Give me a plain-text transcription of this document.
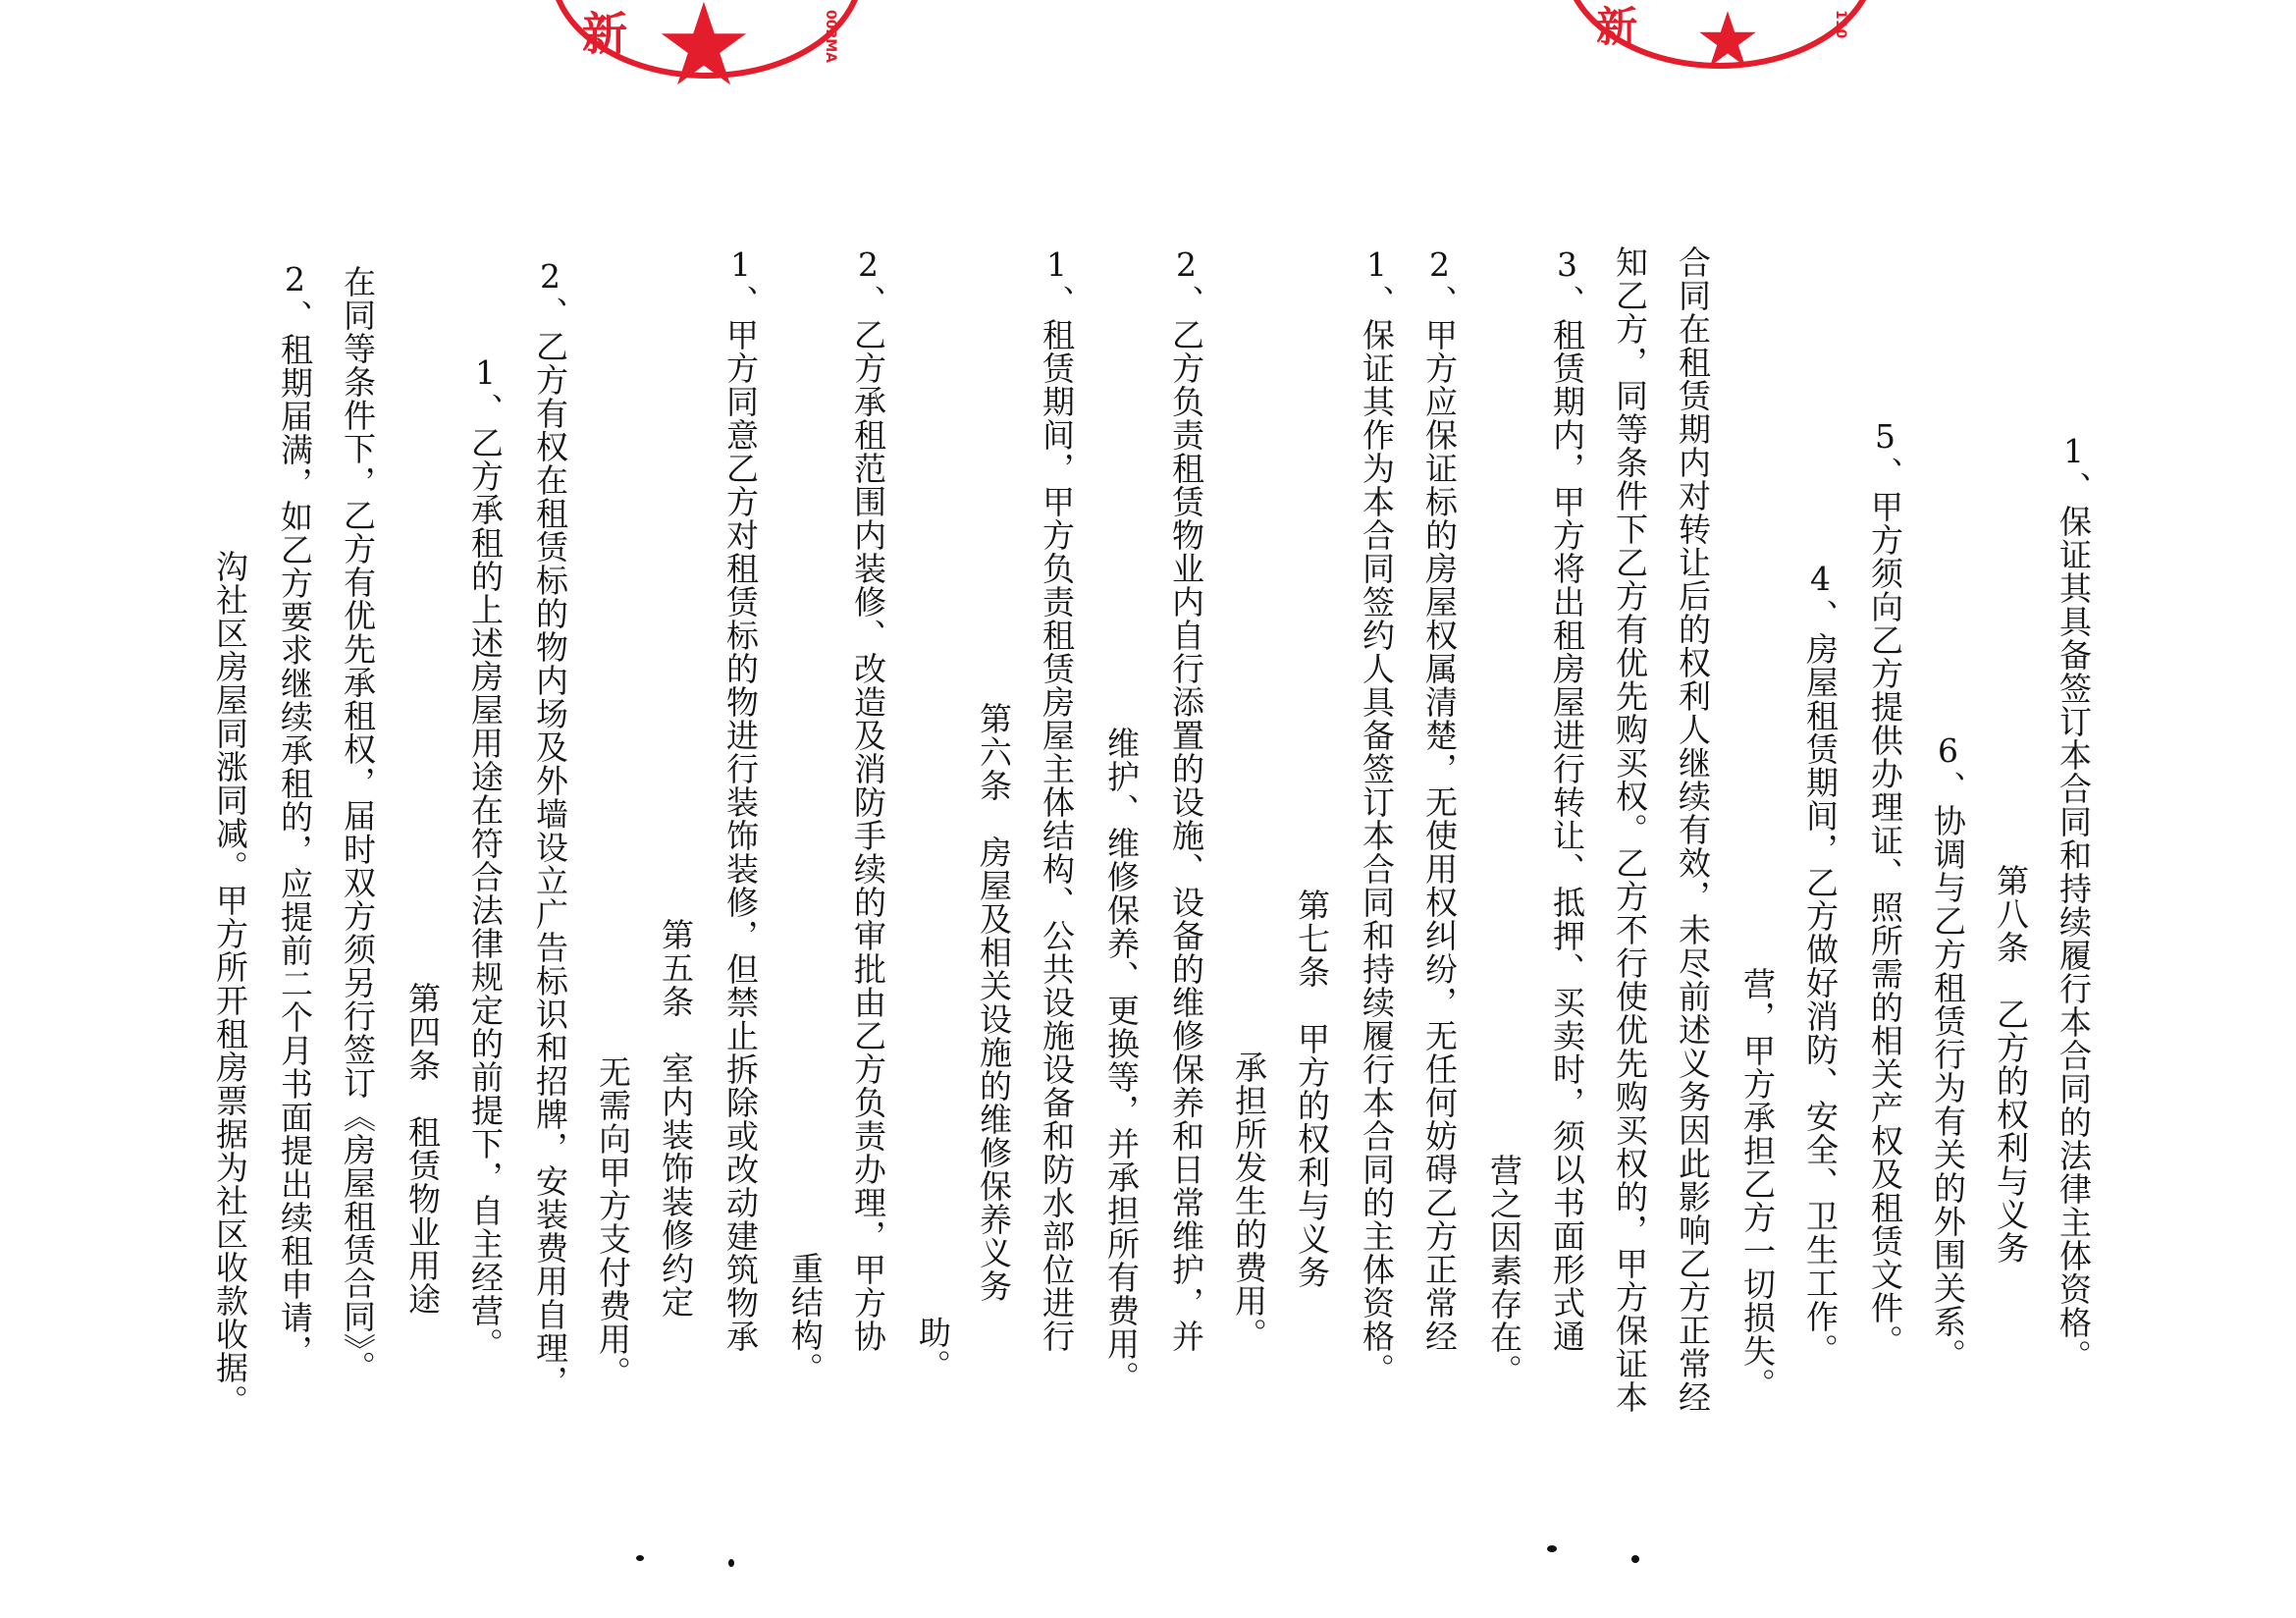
沟社区房屋同涨同减。甲方所开租房票据为社区收款收据。 2、租期届满，如乙方要求继续承租的，应提前二个月书面提出续租申请， 在同等条件下，乙方有优先承租权，届时双方须另行签订《房屋租赁合同》。 第四条　租赁物业用途 1、乙方承租的上述房屋用途在符合法律规定的前提下，自主经营。 2、乙方有权在租赁标的物内场及外墙设立广告标识和招牌，安装费用自理， 无需向甲方支付费用。 第五条　室内装饰装修约定 1、甲方同意乙方对租赁标的物进行装饰装修，但禁止拆除或改动建筑物承 重结构。 2、乙方承租范围内装修、改造及消防手续的审批由乙方负责办理，甲方协 助。
第六条　房屋及相关设施的维修保养义务 1、租赁期间，甲方负责租赁房屋主体结构、公共设施设备和防水部位进行 维护、维修保养、更换等，并承担所有费用。 2、乙方负责租赁物业内自行添置的设施、设备的维修保养和日常维护，并 承担所发生的费用。 第七条　甲方的权利与义务 1、保证其作为本合同签约人具备签订本合同和持续履行本合同的主体资格。 2、甲方应保证标的房屋权属清楚，无使用权纠纷，无任何妨碍乙方正常经 营之因素存在。 3、租赁期内，甲方将出租房屋进行转让、抵押、买卖时，须以书面形式通 知乙方，同等条件下乙方有优先购买权。乙方不行使优先购买权的，甲方保证本 合同在租赁期内对转让后的权利人继续有效，未尽前述义务因此影响乙方正常经 营，甲方承担乙方一切损失。 4、房屋租赁期间，乙方做好消防、安全、卫生工作。 5、甲方须向乙方提供办理证、照所需的相关产权及租赁文件。 6、协调与乙方租赁行为有关的外围关系。 第八条　乙方的权利与义务 1、保证其具备签订本合同和持续履行本合同的法律主体资格。
新	002MA	新	110
